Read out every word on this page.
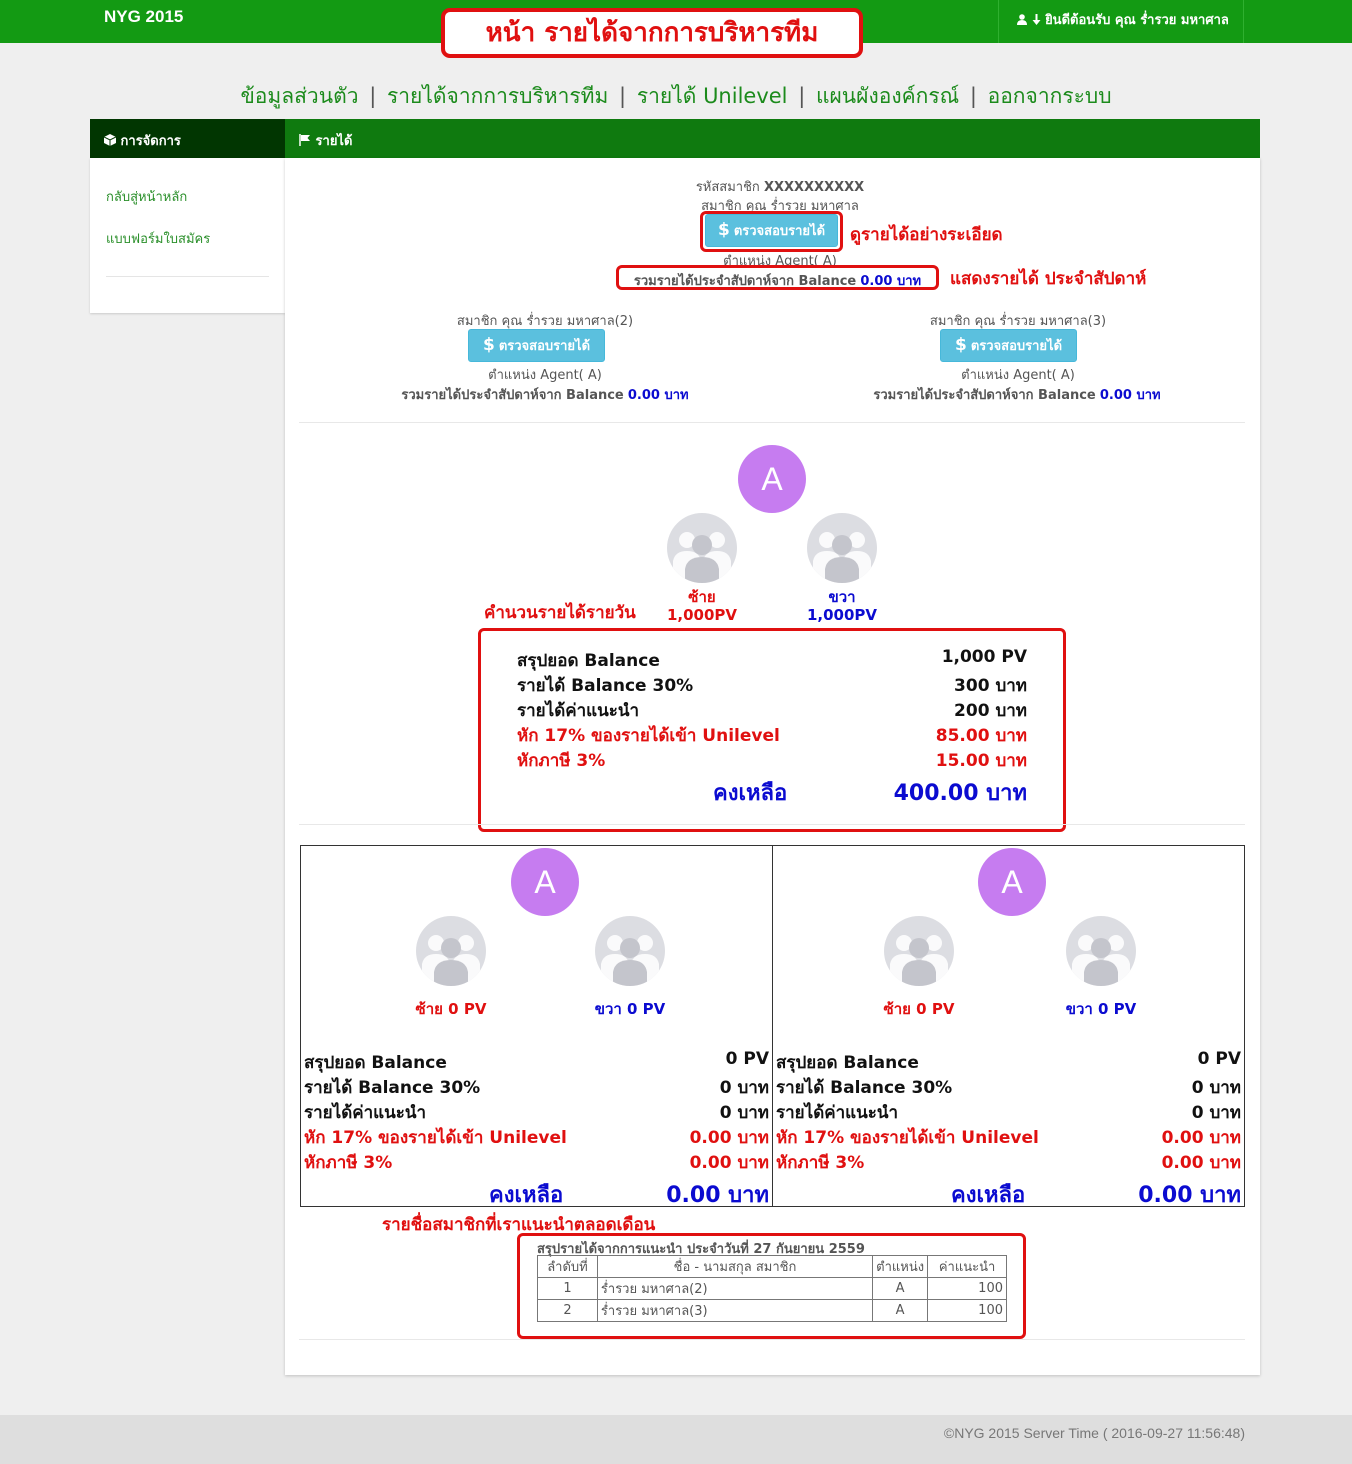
NYG 2015	ยินดีต้อนรับ คุณ ร่ำรวย มหาศาล
หน้า รายได้จากการบริหารทีม
ข้อมูลส่วนตัว | รายได้จากการบริหารทีม | รายได้ Unilevel | แผนผังองค์กรณ์ | ออกจากระบบ
การจัดการ
กลับสู่หน้าหลัก
แบบฟอร์มใบสมัคร
รายได้
รหัสสมาชิก XXXXXXXXXX
สมาชิก คุณ ร่ำรวย มหาศาล
$ ตรวจสอบรายได้	ดูรายได้อย่างระเอียด
ตำแหน่ง Agent( A)
รวมรายได้ประจำสัปดาห์จาก Balance 0.00 บาท	แสดงรายได้ ประจำสัปดาห์
สมาชิก คุณ ร่ำรวย มหาศาล(2)
$ ตรวจสอบรายได้
ตำแหน่ง Agent( A)
รวมรายได้ประจำสัปดาห์จาก Balance 0.00 บาท
สมาชิก คุณ ร่ำรวย มหาศาล(3)
$ ตรวจสอบรายได้
ตำแหน่ง Agent( A)
รวมรายได้ประจำสัปดาห์จาก Balance 0.00 บาท
A
ซ้าย
1,000PV
ขวา
1,000PV
คำนวนรายได้รายวัน
สรุปยอด Balance	1,000 PV
รายได้ Balance 30%	300 บาท
รายได้ค่าแนะนำ	200 บาท
หัก 17% ของรายได้เข้า Unilevel	85.00 บาท
หักภาษี 3%	15.00 บาท
คงเหลือ	400.00 บาท
A
ซ้าย 0 PV	ขวา 0 PV
สรุปยอด Balance	0 PV
รายได้ Balance 30%	0 บาท
รายได้ค่าแนะนำ	0 บาท
หัก 17% ของรายได้เข้า Unilevel	0.00 บาท
หักภาษี 3%	0.00 บาท
คงเหลือ	0.00 บาท
A
ซ้าย 0 PV	ขวา 0 PV
สรุปยอด Balance	0 PV
รายได้ Balance 30%	0 บาท
รายได้ค่าแนะนำ	0 บาท
หัก 17% ของรายได้เข้า Unilevel	0.00 บาท
หักภาษี 3%	0.00 บาท
คงเหลือ	0.00 บาท
รายชื่อสมาชิกที่เราแนะนำตลอดเดือน
สรุปรายได้จากการแนะนำ ประจำวันที่ 27 กันยายน 2559
ลำดับที่	ชื่อ - นามสกุล สมาชิก	ตำแหน่ง	ค่าแนะนำ
1	ร่ำรวย มหาศาล(2)	A	100
2	ร่ำรวย มหาศาล(3)	A	100
©NYG 2015 Server Time ( 2016-09-27 11:56:48)
